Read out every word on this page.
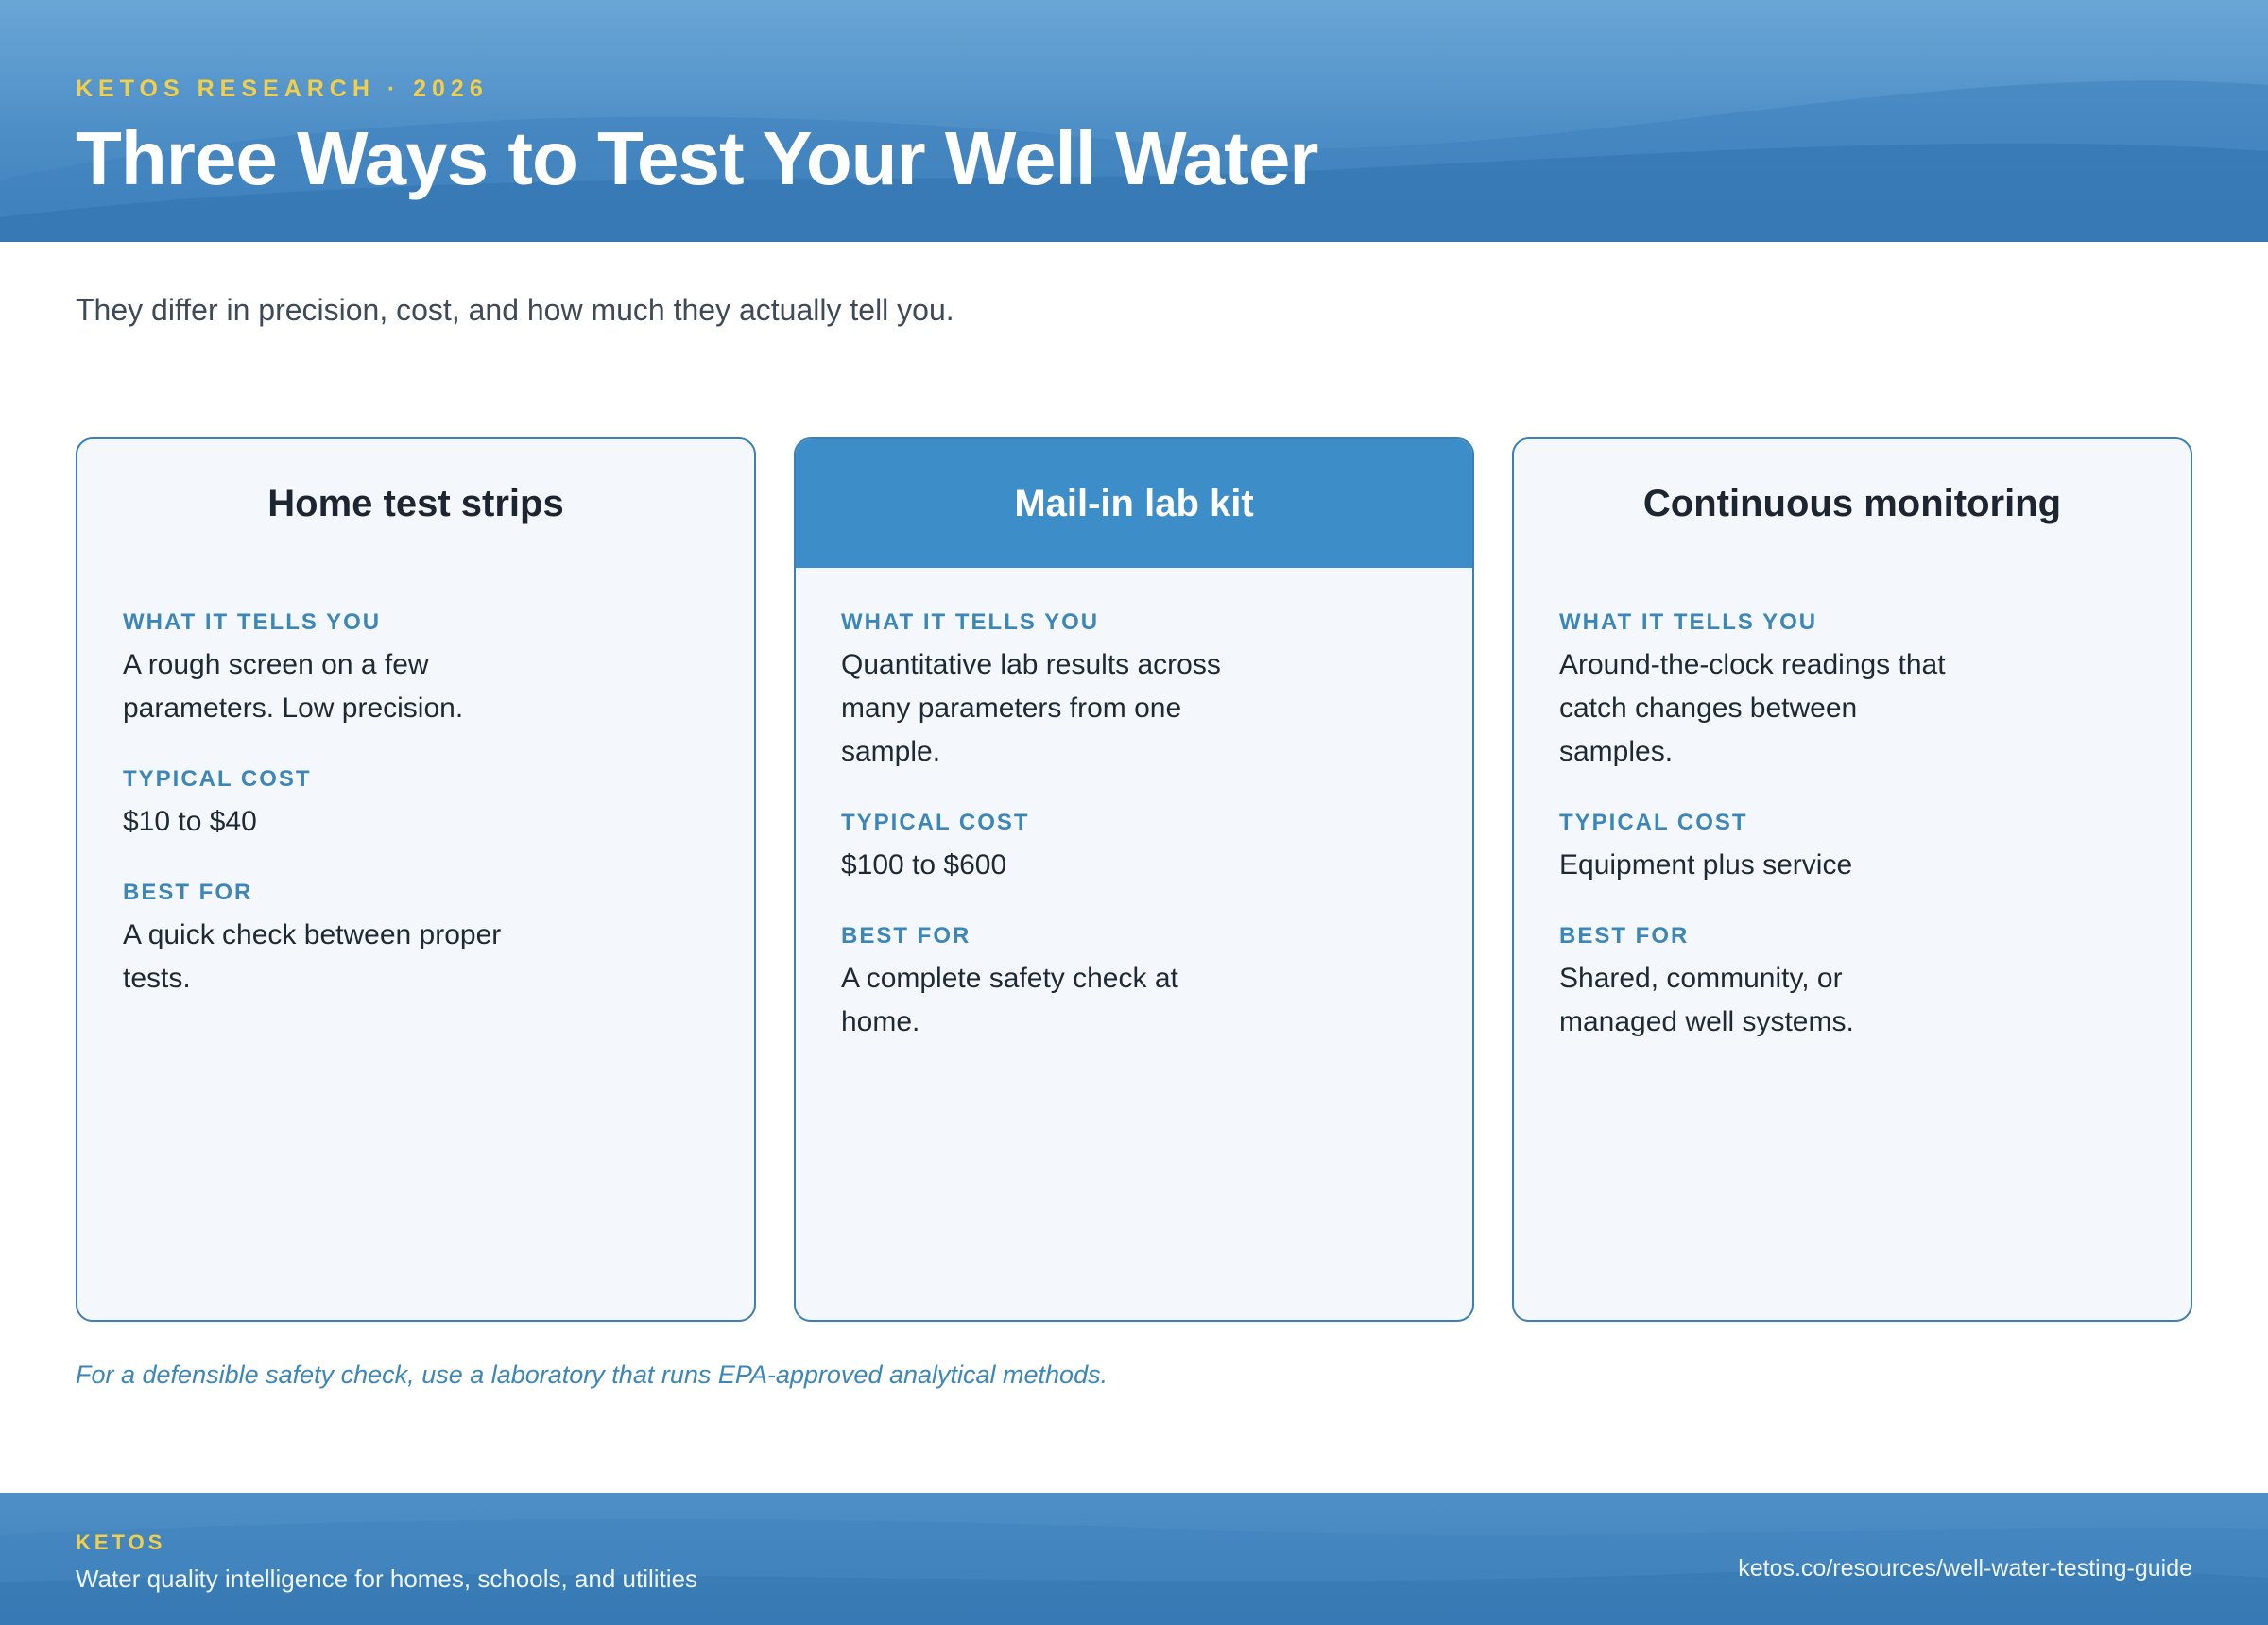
KETOS RESEARCH · 2026
Three Ways to Test Your Well Water
They differ in precision, cost, and how much they actually tell you.
Home test strips

WHAT IT TELLS YOU

A rough screen on a few parameters. Low precision.

TYPICAL COST

$10 to $40

BEST FOR

A quick check between proper tests.

Mail-in lab kit

WHAT IT TELLS YOU

Quantitative lab results across many parameters from one sample.

TYPICAL COST

$100 to $600

BEST FOR

A complete safety check at home.

Continuous monitoring

WHAT IT TELLS YOU

Around-the-clock readings that catch changes between samples.

TYPICAL COST

Equipment plus service

BEST FOR

Shared, community, or managed well systems.

For a defensible safety check, use a laboratory that runs EPA-approved analytical methods.
KETOS
Water quality intelligence for homes, schools, and utilities	ketos.co/resources/well-water-testing-guide
